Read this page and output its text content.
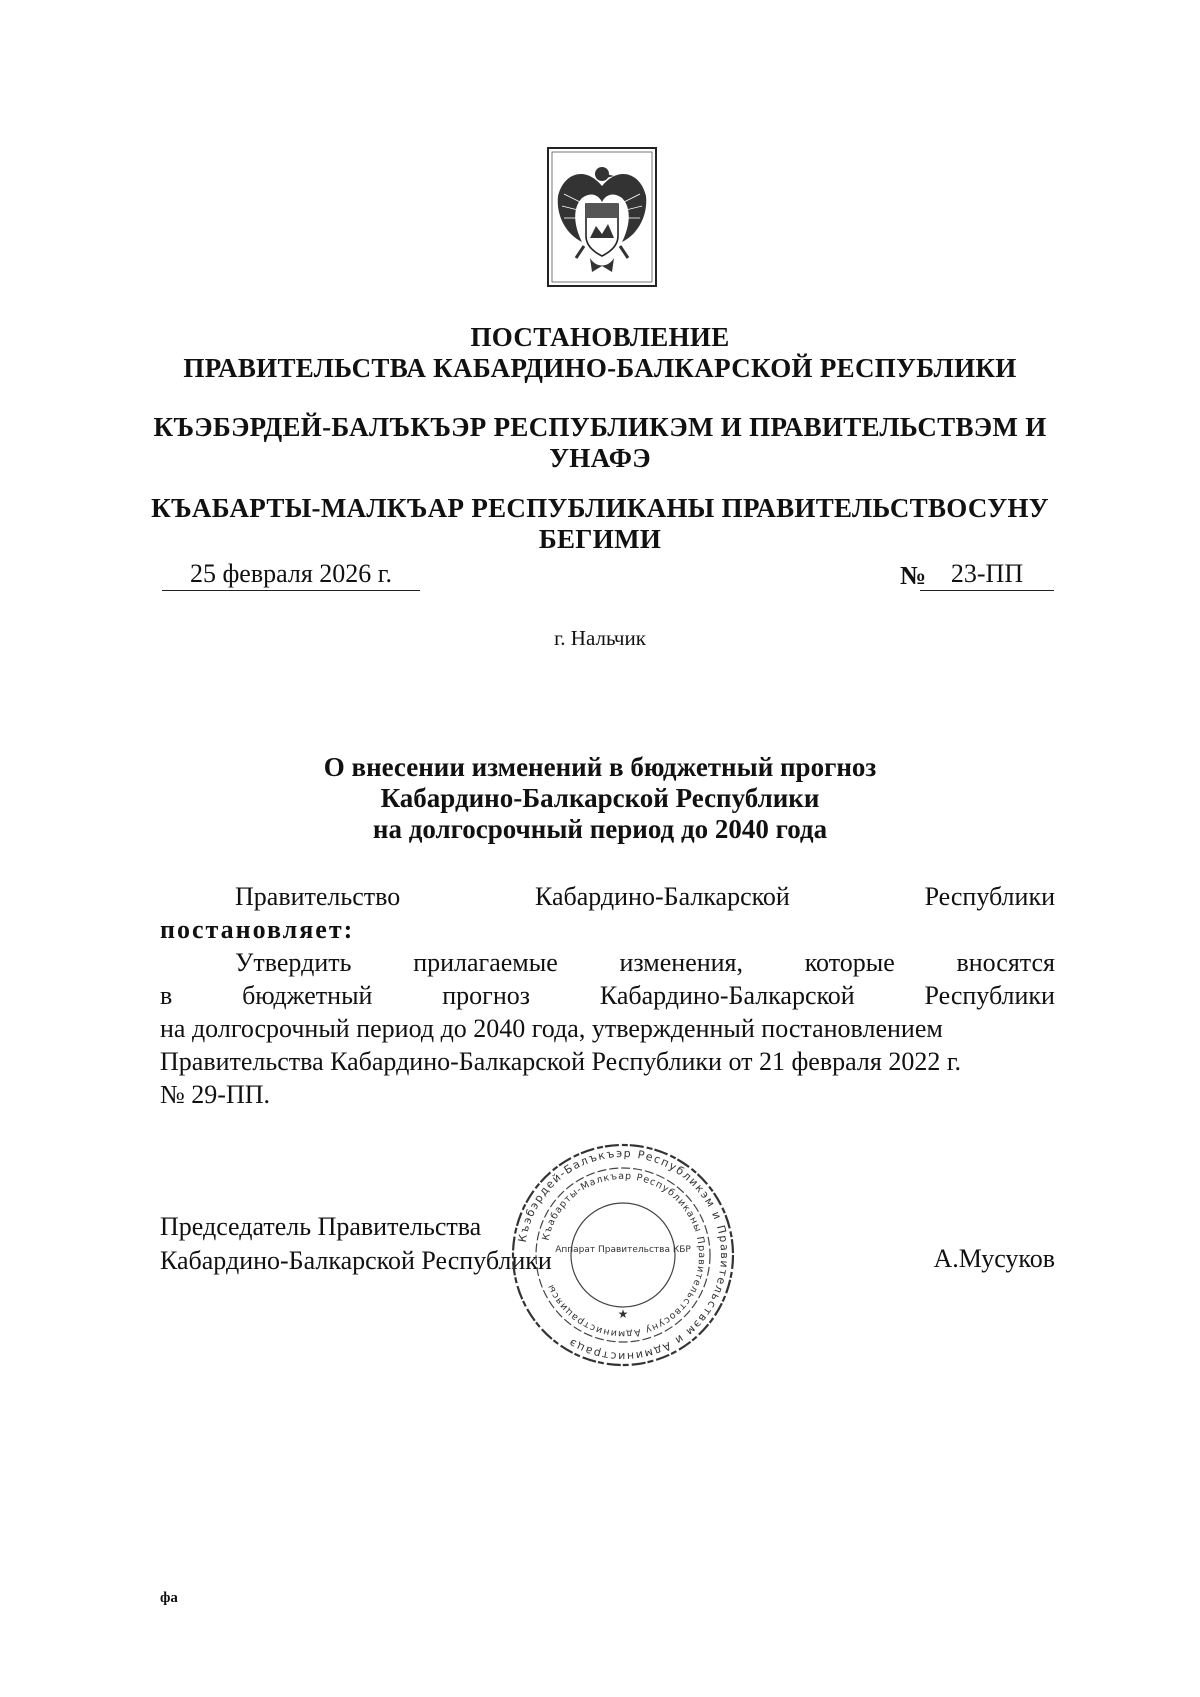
ПОСТАНОВЛЕНИЕ
ПРАВИТЕЛЬСТВА КАБАРДИНО-БАЛКАРСКОЙ РЕСПУБЛИКИ
КЪЭБЭРДЕЙ-БАЛЪКЪЭР РЕСПУБЛИКЭМ И ПРАВИТЕЛЬСТВЭМ И
УНАФЭ
КЪАБАРТЫ-МАЛКЪАР РЕСПУБЛИКАНЫ ПРАВИТЕЛЬСТВОСУНУ
БЕГИМИ
25 февраля 2026 г.	№ 23-ПП
г. Нальчик
О внесении изменений в бюджетный прогноз
Кабардино-Балкарской Республики
на долгосрочный период до 2040 года
Правительство	Кабардино-Балкарской	Республики
постановляет:
Утвердить прилагаемые изменения, которые вносятся
в	бюджетный	прогноз	Кабардино-Балкарской	Республики
на долгосрочный период до 2040 года, утвержденный постановлением
Правительства Кабардино-Балкарской Республики от 21 февраля 2022 г.
№ 29-ПП.
Председатель Правительства
Кабардино-Балкарской Республики	А.Мусуков
Къэбэрдей-Балъкъэр Республикэм и Правительствэм и Администрацэ
Къабарты-Малкъар Республиканы Правительствосуну Администрациясы
Аппарат Правительства КБР
★
фа
